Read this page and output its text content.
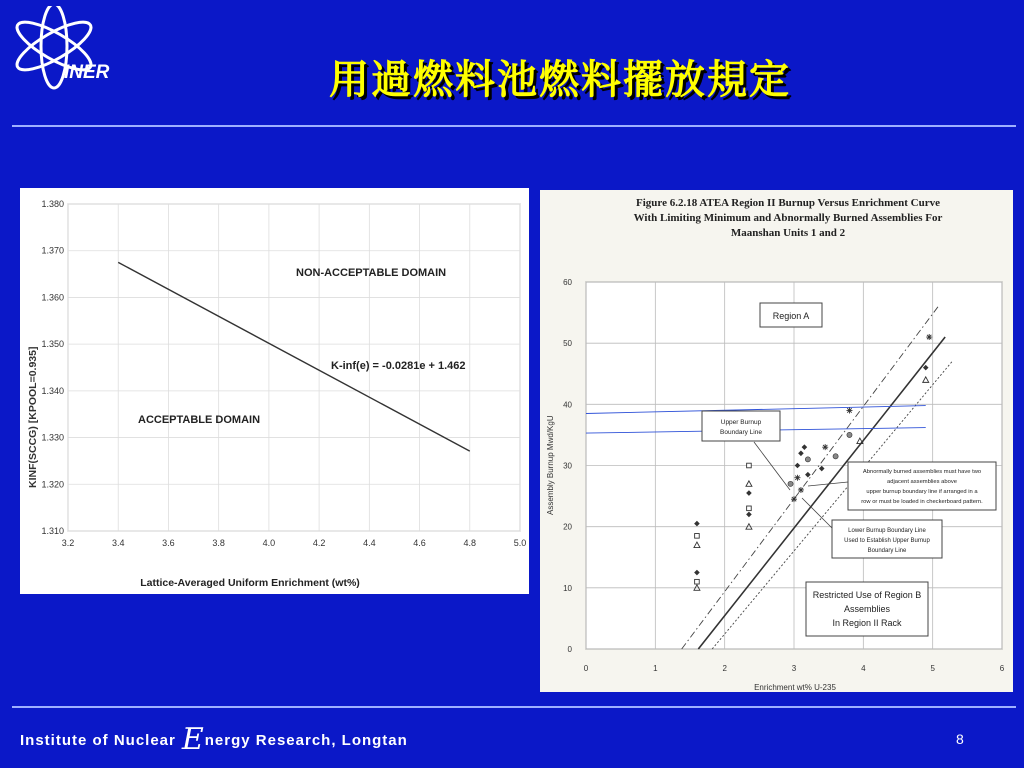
INER	用過燃料池燃料擺放規定
3.2	3.4	3.6	3.8	4.0	4.2	4.4	4.6	4.8	5.0
1.310
1.320
1.330
1.340
1.350
1.360
1.370
1.380
KINF(SCCG) [KPOOL=0.935]
Lattice-Averaged Uniform Enrichment (wt%)
NON-ACCEPTABLE DOMAIN
K-inf(e) = -0.0281e + 1.462
ACCEPTABLE DOMAIN
Figure 6.2.18 ATEA Region II Burnup Versus Enrichment Curve
With Limiting Minimum and Abnormally Burned Assemblies For
Maanshan Units 1 and 2
0	1	2	3	4	5	6
0
10
20
30
40
50
60
Assembly Burnup Mwd/KgU
Enrichment wt% U-235
Region A
Upper Burnup
Boundary Line
Abnormally burned assemblies must have two
adjacent assemblies above
upper burnup boundary line if arranged in a
row or must be loaded in checkerboard pattern.
Lower Burnup Boundary Line
Used to Establish Upper Burnup
Boundary Line
Restricted Use of Region B
Assemblies
In Region II Rack
Institute of Nuclear Energy Research, Longtan	8
